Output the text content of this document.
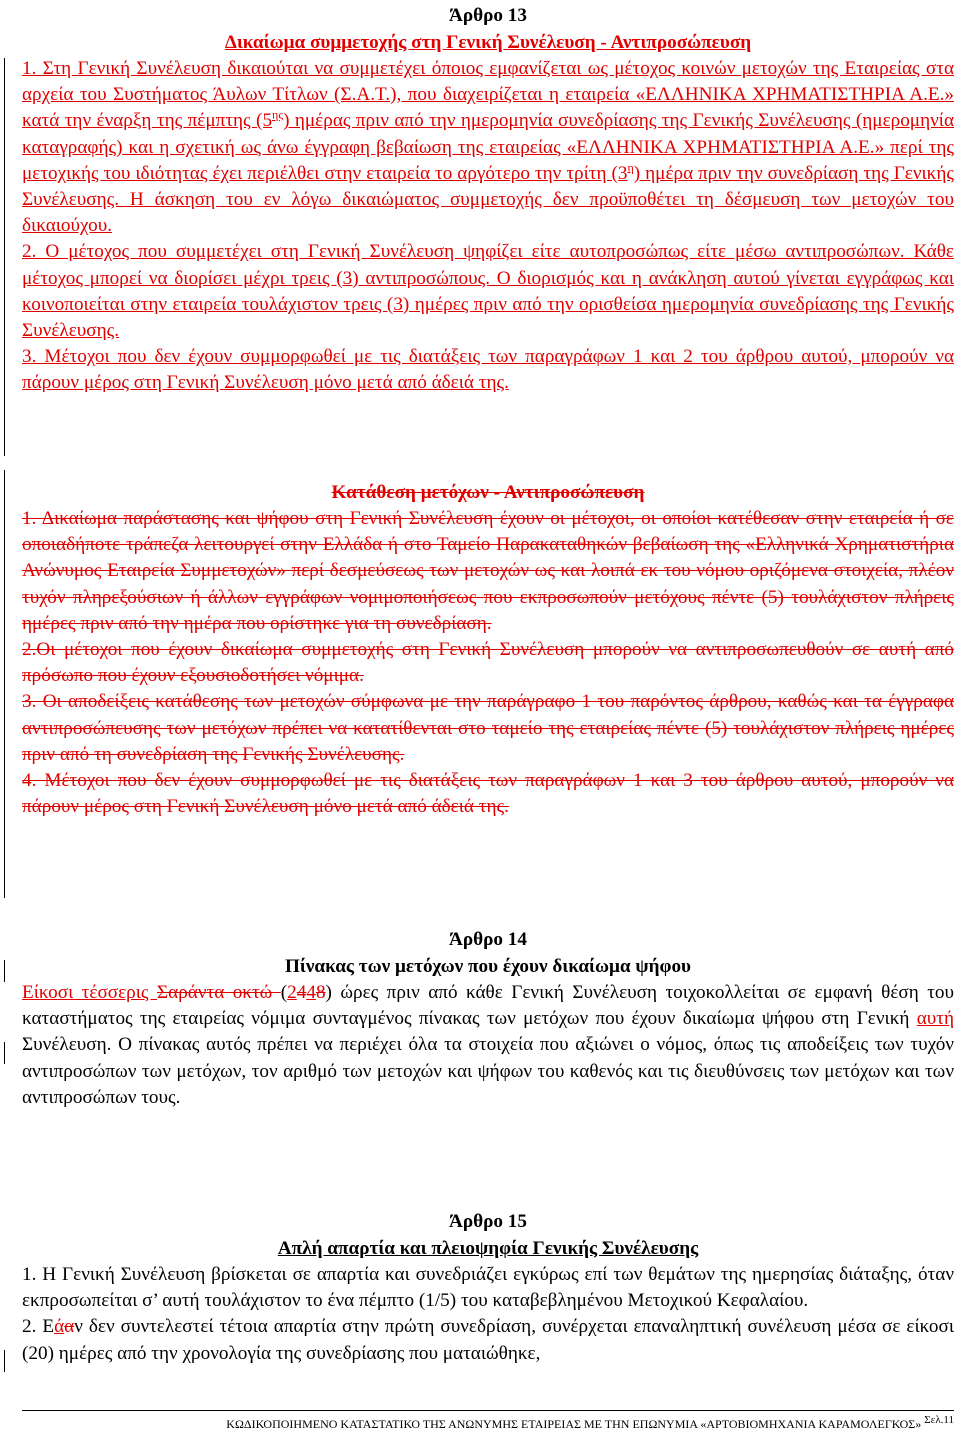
Άρθρο 13

Δικαίωμα συμμετοχής στη Γενική Συνέλευση - Αντιπροσώπευση

1. Στη Γενική Συνέλευση δικαιούται να συμμετέχει όποιος εμφανίζεται ως μέτοχος κοινών μετοχών της Εταιρείας στα αρχεία του Συστήματος Άυλων Τίτλων (Σ.Α.Τ.), που διαχειρίζεται η εταιρεία «ΕΛΛΗΝΙΚΑ ΧΡΗΜΑΤΙΣΤΗΡΙΑ Α.Ε.» κατά την έναρξη της πέμπτης $(5^{\eta\varsigma})$ ημέρας πριν από την ημερομηνία συνεδρίασης της Γενικής Συνέλευσης (ημερομηνία καταγραφής) και η σχετική ως άνω έγγραφη βεβαίωση της εταιρείας «ΕΛΛΗΝΙΚΑ ΧΡΗΜΑΤΙΣΤΗΡΙΑ Α.Ε.» περί της μετοχικής του ιδιότητας έχει περιέλθει στην εταιρεία το αργότερο την τρίτη $(3^\eta)$ ημέρα πριν την συνεδρίαση της Γενικής Συνέλευσης. Η άσκηση του εν λόγω δικαιώματος συμμετοχής δεν προϋποθέτει τη δέσμευση των μετοχών του δικαιούχου.

2. Ο μέτοχος που συμμετέχει στη Γενική Συνέλευση ψηφίζει είτε αυτοπροσώπως είτε μέσω αντιπροσώπων. Κάθε μέτοχος μπορεί να διορίσει μέχρι τρεις (3) αντιπροσώπους. Ο διορισμός και η ανάκληση αυτού γίνεται εγγράφως και κοινοποιείται στην εταιρεία τουλάχιστον τρεις (3) ημέρες πριν από την ορισθείσα ημερομηνία συνεδρίασης της Γενικής Συνέλευσης.

3. Μέτοχοι που δεν έχουν συμμορφωθεί με τις διατάξεις των παραγράφων 1 και 2 του άρθρου αυτού, μπορούν να πάρουν μέρος στη Γενική Συνέλευση μόνο μετά από άδειά της.

Κατάθεση μετόχων - Αντιπροσώπευση

1. Δικαίωμα παράστασης και ψήφου στη Γενική Συνέλευση έχουν οι μέτοχοι, οι οποίοι κατέθεσαν στην εταιρεία ή σε οποιαδήποτε τράπεζα λειτουργεί στην Ελλάδα ή στο Ταμείο Παρακαταθηκών βεβαίωση της «Ελληνικά Χρηματιστήρια Ανώνυμος Εταιρεία Συμμετοχών» περί δεσμεύσεως των μετοχών ως και λοιπά εκ του νόμου οριζόμενα στοιχεία, πλέον τυχόν πληρεξούσιων ή άλλων εγγράφων νομιμοποιήσεως που εκπροσωπούν μετόχους πέντε (5) τουλάχιστον πλήρεις ημέρες πριν από την ημέρα που ορίστηκε για τη συνεδρίαση.

2.Οι μέτοχοι που έχουν δικαίωμα συμμετοχής στη Γενική Συνέλευση μπορούν να αντιπροσωπευθούν σε αυτή από πρόσωπο που έχουν εξουσιοδοτήσει νόμιμα.

3. Οι αποδείξεις κατάθεσης των μετοχών σύμφωνα με την παράγραφο 1 του παρόντος άρθρου, καθώς και τα έγγραφα αντιπροσώπευσης των μετόχων πρέπει να κατατίθενται στο ταμείο της εταιρείας πέντε (5) τουλάχιστον πλήρεις ημέρες πριν από τη συνεδρίαση της Γενικής Συνέλευσης.

4. Μέτοχοι που δεν έχουν συμμορφωθεί με τις διατάξεις των παραγράφων 1 και 3 του άρθρου αυτού, μπορούν να πάρουν μέρος στη Γενική Συνέλευση μόνο μετά από άδειά της.

Άρθρο 14

Πίνακας των μετόχων που έχουν δικαίωμα ψήφου

Είκοσι τέσσερις Σαράντα οκτώ (2448) ώρες πριν από κάθε Γενική Συνέλευση τοιχοκολλείται σε εμφανή θέση του καταστήματος της εταιρείας νόμιμα συνταγμένος πίνακας των μετόχων που έχουν δικαίωμα ψήφου στη Γενική αυτή Συνέλευση. Ο πίνακας αυτός πρέπει να περιέχει όλα τα στοιχεία που αξιώνει ο νόμος, όπως τις αποδείξεις των τυχόν αντιπροσώπων των μετόχων, τον αριθμό των μετοχών και ψήφων του καθενός και τις διευθύνσεις των μετόχων και των αντιπροσώπων τους.

Άρθρο 15

Απλή απαρτία και πλειοψηφία Γενικής Συνέλευσης

1. Η Γενική Συνέλευση βρίσκεται σε απαρτία και συνεδριάζει εγκύρως επί των θεμάτων της ημερησίας διάταξης, όταν εκπροσωπείται σ’ αυτή τουλάχιστον το ένα πέμπτο (1/5) του καταβεβλημένου Μετοχικού Κεφαλαίου.

2. Εάαν δεν συντελεστεί τέτοια απαρτία στην πρώτη συνεδρίαση, συνέρχεται επαναληπτική συνέλευση μέσα σε είκοσι (20) ημέρες από την χρονολογία της συνεδρίασης που ματαιώθηκε,

ΚΩΔΙΚΟΠΟΙΗΜΕΝΟ ΚΑΤΑΣΤΑΤΙΚΟ ΤΗΣ ΑΝΩΝΥΜΗΣ ΕΤΑΙΡΕΙΑΣ ΜΕ ΤΗΝ ΕΠΩΝΥΜΙΑ «ΑΡΤΟΒΙΟΜΗΧΑΝΙΑ ΚΑΡΑΜΟΛΕΓΚΟΣ» Σελ.11
